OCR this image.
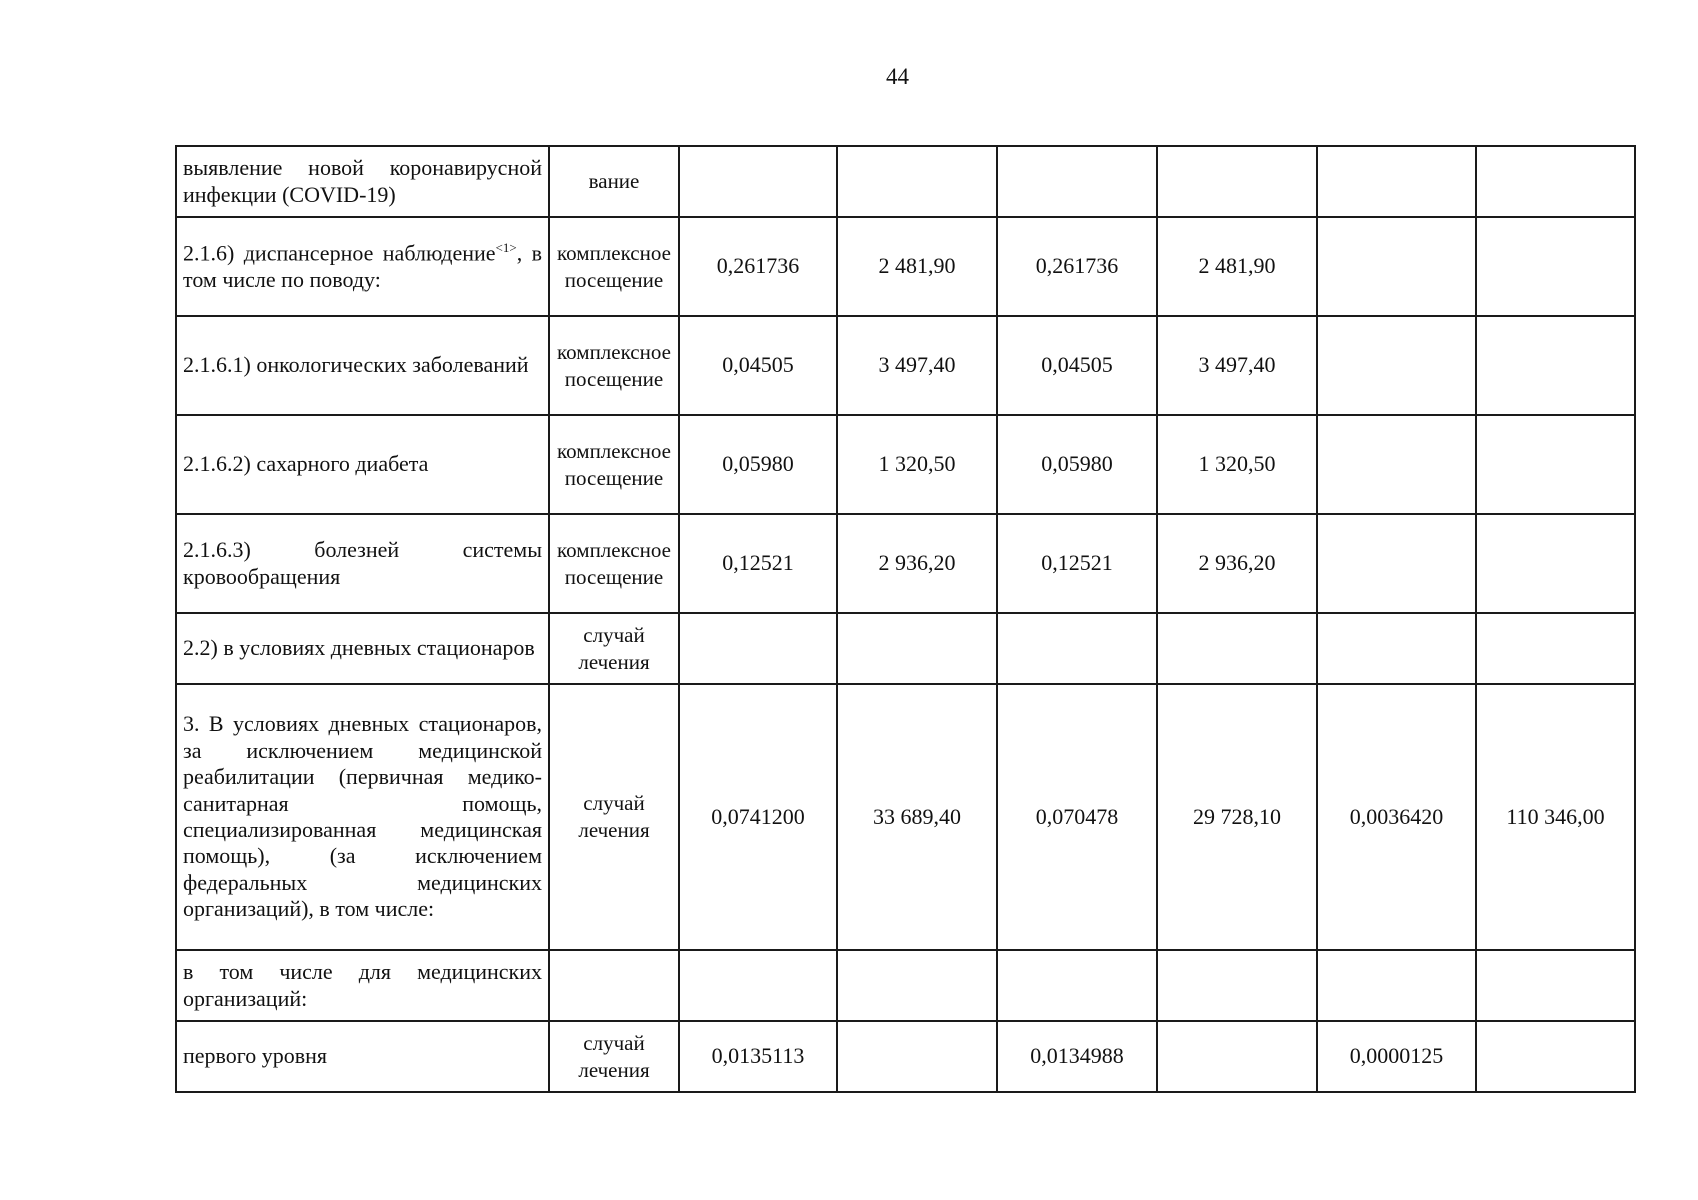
44
выявление новой коронавирусной инфекции (COVID-19)	вание						
2.1.6) диспансерное наблюдение$^{<1>}$, в том числе по поводу:	комплексное посещение	0,261736	2 481,90	0,261736	2 481,90		
2.1.6.1) онкологических заболеваний	комплексное посещение	0,04505	3 497,40	0,04505	3 497,40		
2.1.6.2) сахарного диабета	комплексное посещение	0,05980	1 320,50	0,05980	1 320,50		
2.1.6.3) болезней системы кровообращения	комплексное посещение	0,12521	2 936,20	0,12521	2 936,20		
2.2) в условиях дневных стационаров	случай лечения						
3. В условиях дневных стационаров, за исключением медицинской реабилитации (первичная медико-санитарная помощь, специализированная медицинская помощь), (за исключением федеральных медицинских организаций), в том числе:	случай лечения	0,0741200	33 689,40	0,070478	29 728,10	0,0036420	110 346,00
в том числе для медицинских организаций:							
первого уровня	случай лечения	0,0135113		0,0134988		0,0000125	
